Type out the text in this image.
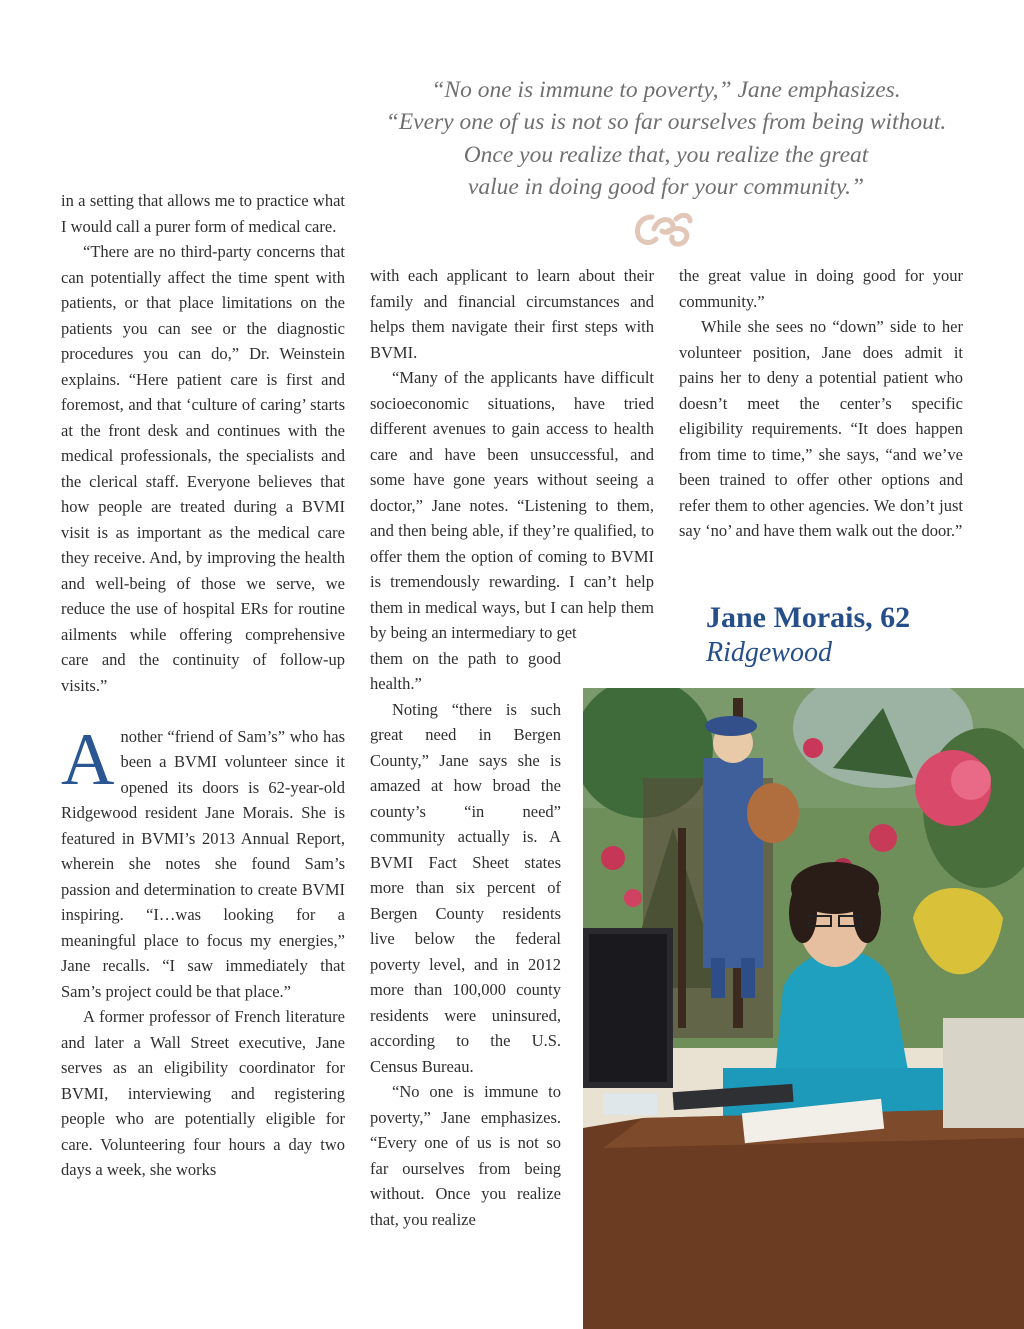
“No one is immune to poverty,” Jane emphasizes.
“Every one of us is not so far ourselves from being without.
Once you realize that, you realize the great
value in doing good for your community.”

in a setting that allows me to practice what I would call a purer form of medical care.

“There are no third-party concerns that can potentially affect the time spent with patients, or that place limitations on the patients you can see or the diagnostic procedures you can do,” Dr. Weinstein explains. “Here patient care is first and foremost, and that ‘culture of caring’ starts at the front desk and continues with the medical professionals, the specialists and the clerical staff. Everyone believes that how people are treated during a BVMI visit is as important as the medical care they receive. And, by improving the health and well-being of those we serve, we reduce the use of hospital ERs for routine ailments while offering comprehensive care and the continuity of follow-up visits.”

Another “friend of Sam’s” who has been a BVMI volunteer since it opened its doors is 62-year-old Ridgewood resident Jane Morais. She is featured in BVMI’s 2013 Annual Report, wherein she notes she found Sam’s passion and determination to create BVMI inspiring. “I…was looking for a meaningful place to focus my energies,” Jane recalls. “I saw immediately that Sam’s project could be that place.”

A former professor of French literature and later a Wall Street executive, Jane serves as an eligibility coordinator for BVMI, interviewing and registering people who are potentially eligible for care. Volunteering four hours a day two days a week, she works

with each applicant to learn about their family and financial circumstances and helps them navigate their first steps with BVMI.

“Many of the applicants have difficult socioeconomic situations, have tried different avenues to gain access to health care and have been unsuccessful, and some have gone years without seeing a doctor,” Jane notes. “Listening to them, and then being able, if they’re qualified, to offer them the option of coming to BVMI is tremendously rewarding. I can’t help them in medical ways, but I can help them by being an intermediary to get

them on the path to good health.”

Noting “there is such great need in Bergen County,” Jane says she is amazed at how broad the county’s “in need” community actually is. A BVMI Fact Sheet states more than six percent of Bergen County residents live below the federal poverty level, and in 2012 more than 100,000 county residents were uninsured, according to the U.S. Census Bureau.

“No one is immune to poverty,” Jane emphasizes. “Every one of us is not so far ourselves from being without. Once you realize that, you realize

the great value in doing good for your community.”

While she sees no “down” side to her volunteer position, Jane does admit it pains her to deny a potential patient who doesn’t meet the center’s specific eligibility requirements. “It does happen from time to time,” she says, “and we’ve been trained to offer other options and refer them to other agencies. We don’t just say ‘no’ and have them walk out the door.”

Jane Morais, 62
Ridgewood
